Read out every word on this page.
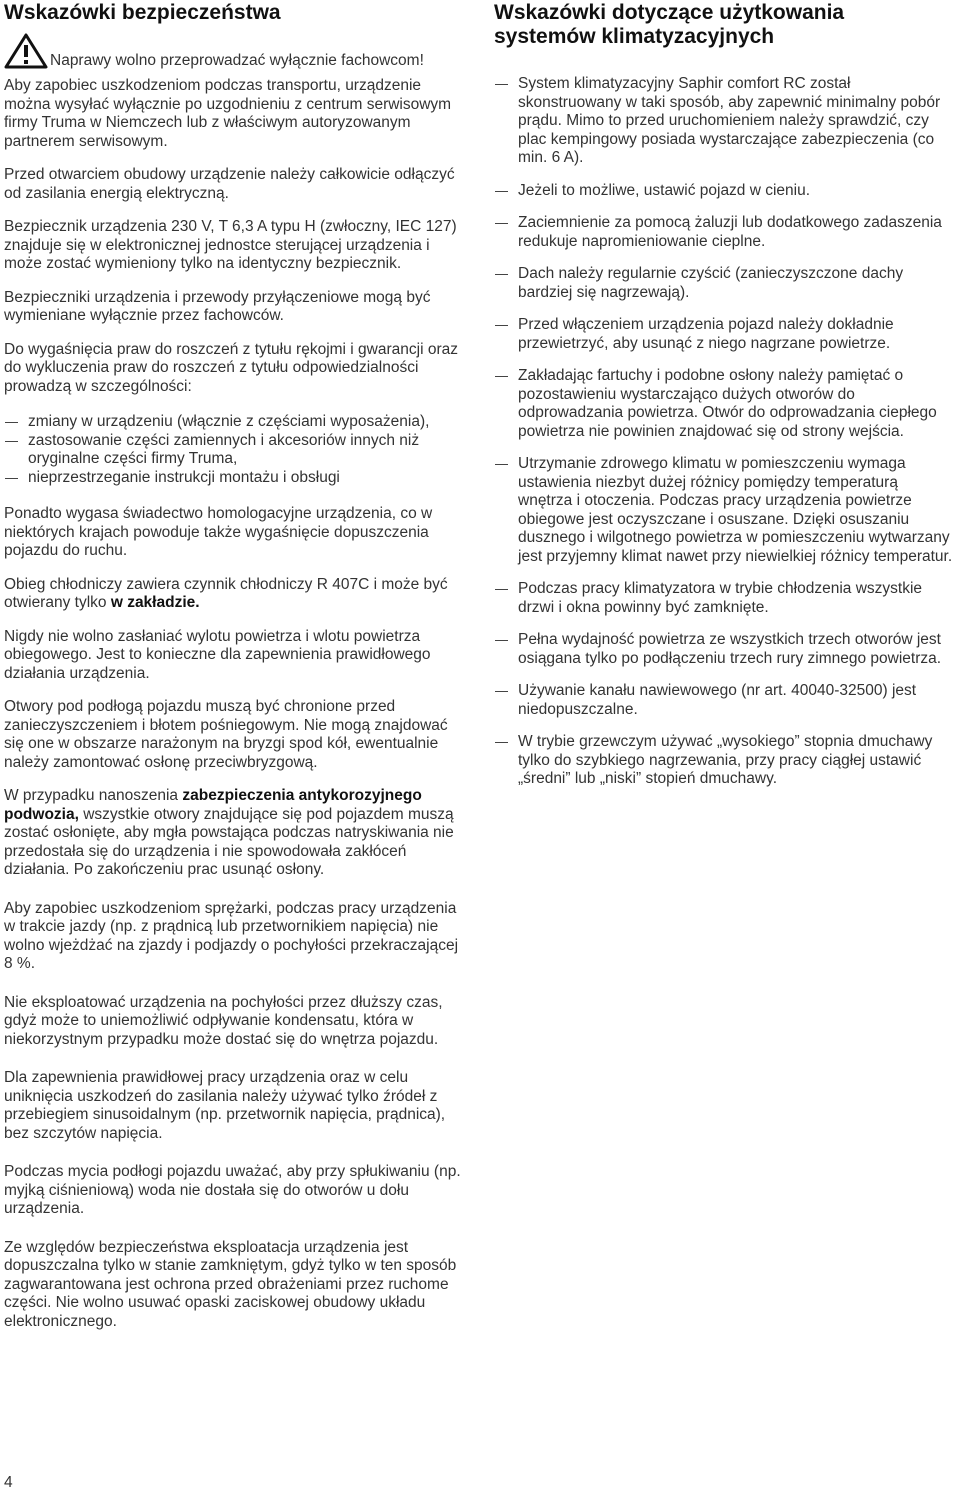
Wskazówki bezpieczeństwa
Naprawy wolno przeprowadzać wyłącznie fachowcom!

Aby zapobiec uszkodzeniom podczas transportu, urządzenie można wysyłać wyłącznie po uzgodnieniu z centrum serwisowym firmy Truma w Niemczech lub z właściwym autoryzowanym partnerem serwisowym.

Przed otwarciem obudowy urządzenie należy całkowicie odłączyć od zasilania energią elektryczną.

Bezpiecznik urządzenia 230 V, T 6,3 A typu H (zwłoczny, IEC 127) znajduje się w elektronicznej jednostce sterującej urządzenia i może zostać wymieniony tylko na identyczny bezpiecznik.

Bezpieczniki urządzenia i przewody przyłączeniowe mogą być wymieniane wyłącznie przez fachowców.

Do wygaśnięcia praw do roszczeń z tytułu rękojmi i gwarancji oraz do wykluczenia praw do roszczeń z tytułu odpowiedzialności prowadzą w szczególności:

zmiany w urządzeniu (włącznie z częściami wyposażenia),
zastosowanie części zamiennych i akcesoriów innych niż oryginalne części firmy Truma,
nieprzestrzeganie instrukcji montażu i obsługi

Ponadto wygasa świadectwo homologacyjne urządzenia, co w niektórych krajach powoduje także wygaśnięcie dopuszczenia pojazdu do ruchu.

Obieg chłodniczy zawiera czynnik chłodniczy R 407C i może być otwierany tylko w zakładzie.

Nigdy nie wolno zasłaniać wylotu powietrza i wlotu powietrza obiegowego. Jest to konieczne dla zapewnienia prawidłowego działania urządzenia.

Otwory pod podłogą pojazdu muszą być chronione przed zanieczyszczeniem i błotem pośniegowym. Nie mogą znajdować się one w obszarze narażonym na bryzgi spod kół, ewentualnie należy zamontować osłonę przeciwbryzgową.

W przypadku nanoszenia zabezpieczenia antykorozyjnego podwozia, wszystkie otwory znajdujące się pod pojazdem muszą zostać osłonięte, aby mgła powstająca podczas natryskiwania nie przedostała się do urządzenia i nie spowodowała zakłóceń działania. Po zakończeniu prac usunąć osłony.

Aby zapobiec uszkodzeniom sprężarki, podczas pracy urządzenia w trakcie jazdy (np. z prądnicą lub przetwornikiem napięcia) nie wolno wjeżdżać na zjazdy i podjazdy o pochyłości przekraczającej 8 %.

Nie eksploatować urządzenia na pochyłości przez dłuższy czas, gdyż może to uniemożliwić odpływanie kondensatu, która w niekorzystnym przypadku może dostać się do wnętrza pojazdu.

Dla zapewnienia prawidłowej pracy urządzenia oraz w celu uniknięcia uszkodzeń do zasilania należy używać tylko źródeł z przebiegiem sinusoidalnym (np. przetwornik napięcia, prądnica), bez szczytów napięcia.

Podczas mycia podłogi pojazdu uważać, aby przy spłukiwaniu (np. myjką ciśnieniową) woda nie dostała się do otworów u dołu urządzenia.

Ze względów bezpieczeństwa eksploatacja urządzenia jest dopuszczalna tylko w stanie zamkniętym, gdyż tylko w ten sposób zagwarantowana jest ochrona przed obrażeniami przez ruchome części. Nie wolno usuwać opaski zaciskowej obudowy układu elektronicznego.

Wskazówki dotyczące użytkowania
systemów klimatyzacyjnych
System klimatyzacyjny Saphir comfort RC został skonstruowany w taki sposób, aby zapewnić minimalny pobór prądu. Mimo to przed uruchomieniem należy sprawdzić, czy plac kempingowy posiada wystarczające zabezpieczenia (co min. 6 A).
Jeżeli to możliwe, ustawić pojazd w cieniu.
Zaciemnienie za pomocą żaluzji lub dodatkowego zadaszenia redukuje napromieniowanie cieplne.
Dach należy regularnie czyścić (zanieczyszczone dachy bardziej się nagrzewają).
Przed włączeniem urządzenia pojazd należy dokładnie przewietrzyć, aby usunąć z niego nagrzane powietrze.
Zakładając fartuchy i podobne osłony należy pamiętać o pozostawieniu wystarczająco dużych otworów do odprowadzania powietrza. Otwór do odprowadzania ciepłego powietrza nie powinien znajdować się od strony wejścia.
Utrzymanie zdrowego klimatu w pomieszczeniu wymaga ustawienia niezbyt dużej różnicy pomiędzy temperaturą wnętrza i otoczenia. Podczas pracy urządzenia powietrze obiegowe jest oczyszczane i osuszane. Dzięki osuszaniu dusznego i wilgotnego powietrza w pomieszczeniu wytwarzany jest przyjemny klimat nawet przy niewielkiej różnicy temperatur.
Podczas pracy klimatyzatora w trybie chłodzenia wszystkie drzwi i okna powinny być zamknięte.
Pełna wydajność powietrza ze wszystkich trzech otworów jest osiągana tylko po podłączeniu trzech rury zimnego powietrza.
Używanie kanału nawiewowego (nr art. 40040-32500) jest niedopuszczalne.
W trybie grzewczym używać „wysokiego” stopnia dmuchawy tylko do szybkiego nagrzewania, przy pracy ciągłej ustawić „średni” lub „niski” stopień dmuchawy.
4
